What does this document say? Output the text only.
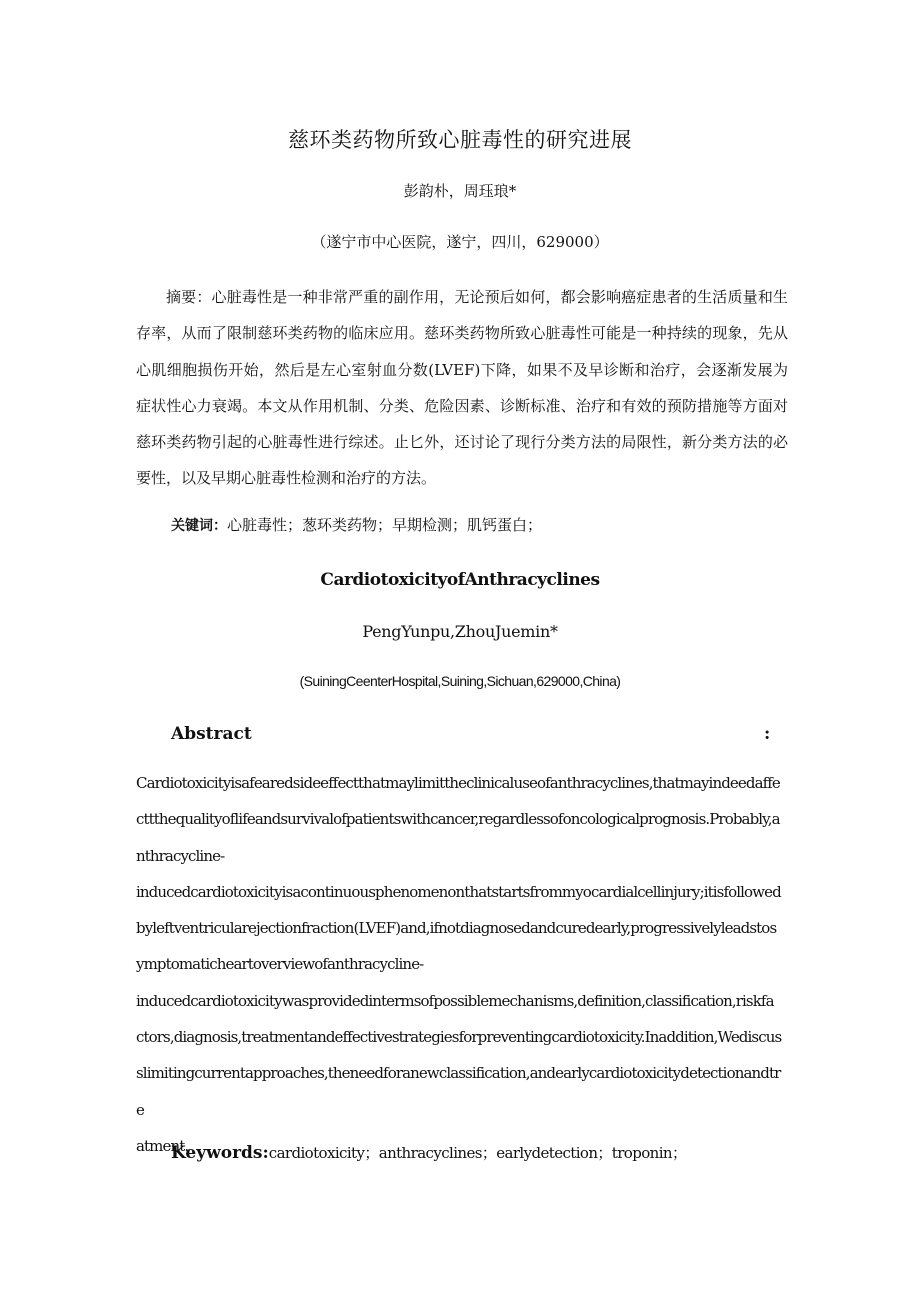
慈环类药物所致心脏毒性的研究进展
彭韵朴，周珏琅*
（遂宁市中心医院，遂宁，四川，629000）

摘要：心脏毒性是一种非常严重的副作用，无论预后如何，都会影响癌症患者的生活质量和生存率，从而了限制慈环类药物的临床应用。慈环类药物所致心脏毒性可能是一种持续的现象，先从心肌细胞损伤开始，然后是左心室射血分数(LVEF)下降，如果不及早诊断和治疗，会逐渐发展为症状性心力衰竭。本文从作用机制、分类、危险因素、诊断标准、治疗和有效的预防措施等方面对慈环类药物引起的心脏毒性进行综述。止匕外，还讨论了现行分类方法的局限性，新分类方法的必要性，以及早期心脏毒性检测和治疗的方法。

关键词：心脏毒性；葱环类药物；早期检测；肌钙蛋白；
CardiotoxicityofAnthracyclines
PengYunpu,ZhouJuemin*
(SuiningCeenterHospital,Suining,Sichuan,629000,China)
Abstract	:
Cardiotoxicityisafearedsideeffectthatmaylimittheclinicaluseofanthracyclines,thatmayindeedaffe
cttthequalityoflifeandsurvivalofpatientswithcancer,regardlessofoncologicalprognosis.Probably,a
nthracycline-
inducedcardiotoxicityisacontinuousphenomenonthatstartsfrommyocardialcellinjury;itisfollowed
byleftventricularejectionfraction(LVEF)and,ifnotdiagnosedandcuredearly,progressivelyleadstos
ymptomaticheartoverviewofanthracycline-
inducedcardiotoxicitywasprovidedintermsofpossiblemechanisms,definition,classification,riskfa
ctors,diagnosis,treatmentandeffectivestrategiesforpreventingcardiotoxicity.Inaddition,Wediscus
slimitingcurrentapproaches,theneedforanewclassification,andearlycardiotoxicitydetectionandtre
atment.
Keywords:cardiotoxicity；anthracyclines；earlydetection；troponin；
